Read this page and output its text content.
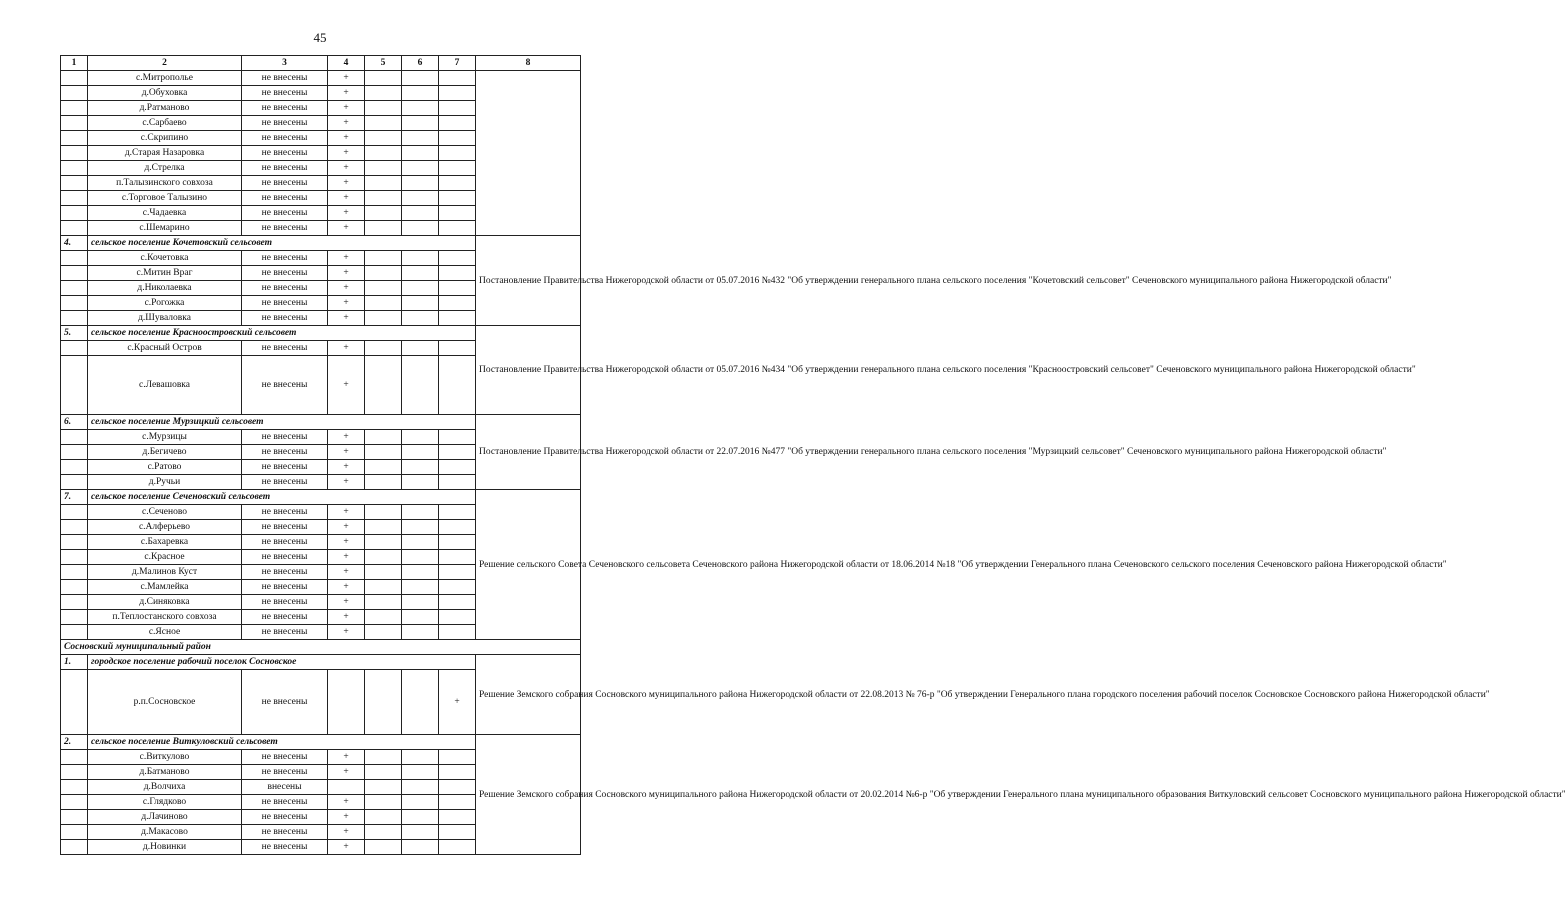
45
1	2	3	4	5	6	7	8
	с.Митрополье	не внесены	+				
	д.Обуховка	не внесены	+				
	д.Ратманово	не внесены	+				
	с.Сарбаево	не внесены	+				
	с.Скрипино	не внесены	+				
	д.Старая Назаровка	не внесены	+				
	д.Стрелка	не внесены	+				
	п.Талызинского совхоза	не внесены	+				
	с.Торговое Талызино	не внесены	+				
	с.Чадаевка	не внесены	+				
	с.Шемарино	не внесены	+				
4.	сельское поселение Кочетовский сельсовет						Постановление Правительства Нижегородской области от 05.07.2016 №432 "Об утверждении генерального плана сельского поселения "Кочетовский сельсовет" Сеченовского муниципального района Нижегородской области"
	с.Кочетовка	не внесены	+				
	с.Митин Враг	не внесены	+				
	д.Николаевка	не внесены	+				
	с.Рогожка	не внесены	+				
	д.Шуваловка	не внесены	+				
5.	сельское поселение Красноостровский сельсовет						Постановление Правительства Нижегородской области от 05.07.2016 №434 "Об утверждении генерального плана сельского поселения "Красноостровский сельсовет" Сеченовского муниципального района Нижегородской области"
	с.Красный Остров	не внесены	+				
	с.Левашовка	не внесены	+				
6.	сельское поселение Мурзицкий сельсовет						Постановление Правительства Нижегородской области от 22.07.2016 №477 "Об утверждении генерального плана сельского поселения "Мурзицкий сельсовет" Сеченовского муниципального района Нижегородской области"
	с.Мурзицы	не внесены	+				
	д.Бегичево	не внесены	+				
	с.Ратово	не внесены	+				
	д.Ручьи	не внесены	+				
7.	сельское поселение Сеченовский сельсовет						Решение сельского Совета Сеченовского сельсовета Сеченовского района Нижегородской области от 18.06.2014 №18 "Об утверждении Генерального плана Сеченовского сельского поселения Сеченовского района Нижегородской области"
	с.Сеченово	не внесены	+				
	с.Алферьево	не внесены	+				
	с.Бахаревка	не внесены	+				
	с.Красное	не внесены	+				
	д.Малинов Куст	не внесены	+				
	с.Мамлейка	не внесены	+				
	д.Синяковка	не внесены	+				
	п.Теплостанского совхоза	не внесены	+				
	с.Ясное	не внесены	+				
Сосновский муниципальный район							
1.	городское поселение рабочий поселок Сосновское						Решение Земского собрания Сосновского муниципального района Нижегородской области от 22.08.2013 № 76-р "Об утверждении Генерального плана городского поселения рабочий поселок Сосновское Сосновского района Нижегородской области"
	р.п.Сосновское	не внесены				+	
2.	сельское поселение Виткуловский сельсовет						Решение Земского собрания Сосновского муниципального района Нижегородской области от 20.02.2014 №6-р "Об утверждении Генерального плана муниципального образования Виткуловский сельсовет Сосновского муниципального района Нижегородской области"
	с.Виткулово	не внесены	+				
	д.Батманово	не внесены	+				
	д.Волчиха	внесены					
	с.Глядково	не внесены	+				
	д.Лачиново	не внесены	+				
	д.Макасово	не внесены	+				
	д.Новинки	не внесены	+				
